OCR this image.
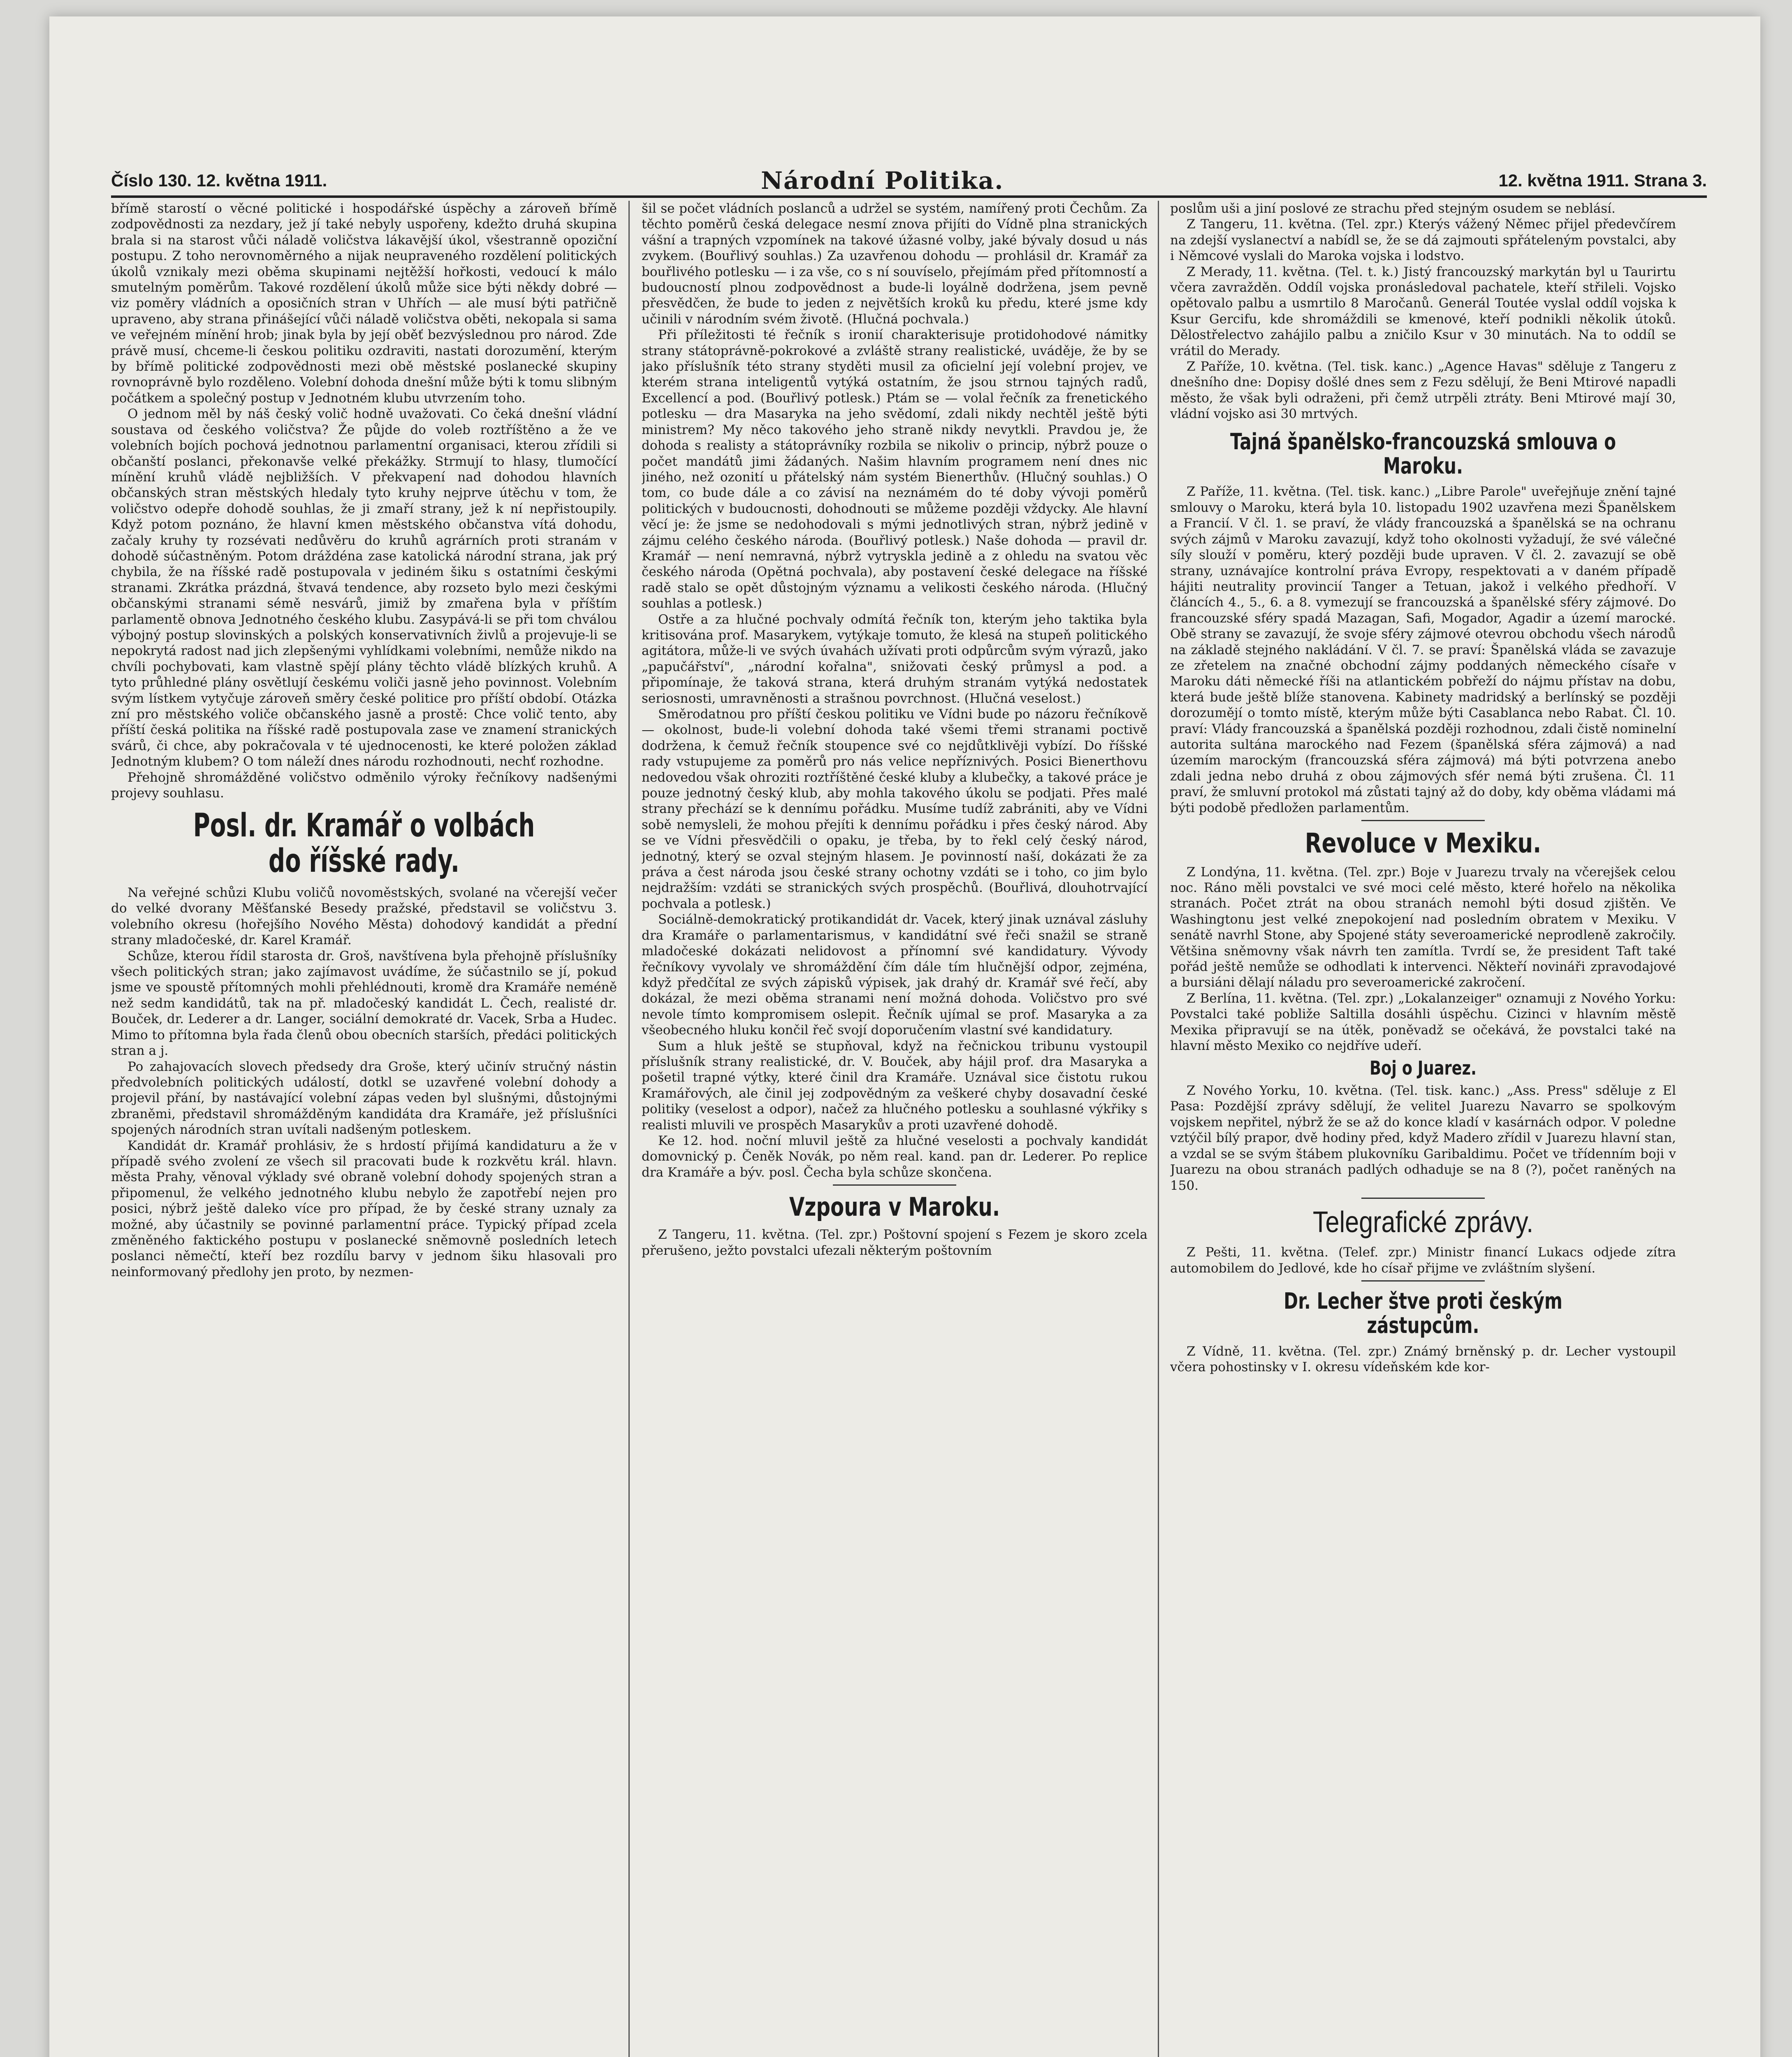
Číslo 130. 12. května 1911.	Národní Politika.	12. května 1911. Strana 3.

břímě starostí o věcné politické i hospodářské úspěchy a zároveň břímě zodpovědnosti za nezdary, jež jí také nebyly uspořeny, kdežto druhá skupina brala si na starost vůči náladě voličstva lákavější úkol, všestranně opoziční postupu. Z toho nerovnoměrného a nijak neupraveného rozdělení politických úkolů vznikaly mezi oběma skupinami nejtěžší hořkosti, vedoucí k málo smutelným poměrům. Takové rozdělení úkolů může sice býti někdy dobré — viz poměry vládních a oposičních stran v Uhřích — ale musí býti patřičně upraveno, aby strana přinášející vůči náladě voličstva oběti, nekopala si sama ve veřejném mínění hrob; jinak byla by její oběť bezvýslednou pro národ. Zde právě musí, chceme-li českou politiku ozdraviti, nastati dorozumění, kterým by břímě politické zodpovědnosti mezi obě městské poslanecké skupiny rovnoprávně bylo rozděleno. Volební dohoda dnešní může býti k tomu slibným počátkem a společný postup v Jednotném klubu utvrzením toho.

O jednom měl by náš český volič hodně uvažovati. Co čeká dnešní vládní soustava od českého voličstva? Že půjde do voleb roztříštěno a že ve volebních bojích pochová jednotnou parlamentní organisaci, kterou zřídili si občanští poslanci, překonavše velké překážky. Strmují to hlasy, tlumočící mínění kruhů vládě nejbližších. V překvapení nad dohodou hlavních občanských stran městských hledaly tyto kruhy nejprve útěchu v tom, že voličstvo odepře dohodě souhlas, že ji zmaří strany, jež k ní nepřistoupily. Když potom poznáno, že hlavní kmen městského občanstva vítá dohodu, začaly kruhy ty rozsévati nedůvěru do kruhů agrárních proti stranám v dohodě súčastněným. Potom dráždéna zase katolická národní strana, jak prý chybila, že na říšské radě postupovala v jediném šiku s ostatními českými stranami. Zkrátka prázdná, štvavá tendence, aby rozseto bylo mezi českými občanskými stranami sémě nesvárů, jimiž by zmařena byla v příštím parlamentě obnova Jednotného českého klubu. Zasypává-li se při tom chválou výbojný postup slovinských a polských konservativních živlů a projevuje-li se nepokrytá radost nad jich zlepšenými vyhlídkami volebními, nemůže nikdo na chvíli pochybovati, kam vlastně spějí plány těchto vládě blízkých kruhů. A tyto průhledné plány osvětlují českému voliči jasně jeho povinnost. Volebním svým lístkem vytyčuje zároveň směry české politice pro příští období. Otázka zní pro městského voliče občanského jasně a prostě: Chce volič tento, aby příští česká politika na říšské radě postupovala zase ve znamení stranických svárů, či chce, aby pokračovala v té ujednocenosti, ke které položen základ Jednotným klubem? O tom náleží dnes národu rozhodnouti, nechť rozhodne.

Přehojně shromážděné voličstvo odměnilo výroky řečníkovy nadšenými projevy souhlasu.

Posl. dr. Kramář o volbách do říšské rady.

Na veřejné schůzi Klubu voličů novoměstských, svolané na včerejší večer do velké dvorany Měšťanské Besedy pražské, představil se voličstvu 3. volebního okresu (hořejšího Nového Města) dohodový kandidát a přední strany mladočeské, dr. Karel Kramář.

Schůze, kterou řídil starosta dr. Groš, navštívena byla přehojně příslušníky všech politických stran; jako zajímavost uvádíme, že súčastnilo se jí, pokud jsme ve spoustě přítomných mohli přehlédnouti, kromě dra Kramáře neméně než sedm kandidátů, tak na př. mladočeský kandidát L. Čech, realisté dr. Bouček, dr. Lederer a dr. Langer, sociální demokraté dr. Vacek, Srba a Hudec. Mimo to přítomna byla řada členů obou obecních starších, předáci politických stran a j.

Po zahajovacích slovech předsedy dra Groše, který učinív stručný nástin předvolebních politických událostí, dotkl se uzavřené volební dohody a projevil přání, by nastávající volební zápas veden byl slušnými, důstojnými zbraněmi, představil shromážděným kandidáta dra Kramáře, jež příslušníci spojených národních stran uvítali nadšeným potleskem.

Kandidát dr. Kramář prohlásiv, že s hrdostí přijímá kandidaturu a že v případě svého zvolení ze všech sil pracovati bude k rozkvětu král. hlavn. města Prahy, věnoval výklady své obraně volební dohody spojených stran a připomenul, že velkého jednotného klubu nebylo že zapotřebí nejen pro posici, nýbrž ještě daleko více pro případ, že by české strany uznaly za možné, aby účastnily se povinné parlamentní práce. Typický případ zcela změněného faktického postupu v poslanecké sněmovně posledních letech poslanci němečtí, kteří bez rozdílu barvy v jednom šiku hlasovali pro neinformovaný předlohy jen proto, by nezmen-

šil se počet vládních poslanců a udržel se systém, namířený proti Čechům. Za těchto poměrů česká delegace nesmí znova přijíti do Vídně plna stranických vášní a trapných vzpomínek na takové úžasné volby, jaké bývaly dosud u nás zvykem. (Bouřlivý souhlas.) Za uzavřenou dohodu — prohlásil dr. Kramář za bouřlivého potlesku — i za vše, co s ní souvíselo, přejímám před přítomností a budoucností plnou zodpovědnost a bude-li loyálně dodržena, jsem pevně přesvědčen, že bude to jeden z největších kroků ku předu, které jsme kdy učinili v národním svém životě. (Hlučná pochvala.)

Při příležitosti té řečník s ironií charakterisuje protidohodové námitky strany státoprávně-pokrokové a zvláště strany realistické, uváděje, že by se jako příslušník této strany styděti musil za oficielní její volební projev, ve kterém strana inteligentů vytýká ostatním, že jsou strnou tajných radů, Excellencí a pod. (Bouřlivý potlesk.) Ptám se — volal řečník za frenetického potlesku — dra Masaryka na jeho svědomí, zdali nikdy nechtěl ještě býti ministrem? My něco takového jeho straně nikdy nevytkli. Pravdou je, že dohoda s realisty a státoprávníky rozbila se nikoliv o princip, nýbrž pouze o počet mandátů jimi žádaných. Našim hlavním programem není dnes nic jiného, než ozonití u přátelský nám systém Bienerthův. (Hlučný souhlas.) O tom, co bude dále a co závisí na neznámém do té doby vývoji poměrů politických v budoucnosti, dohodnouti se můžeme později vždycky. Ale hlavní věcí je: že jsme se nedohodovali s mými jednotlivých stran, nýbrž jedině v zájmu celého českého národa. (Bouřlivý potlesk.) Naše dohoda — pravil dr. Kramář — není nemravná, nýbrž vytryskla jedině a z ohledu na svatou věc českého národa (Opětná pochvala), aby postavení české delegace na říšské radě stalo se opět důstojným významu a velikosti českého národa. (Hlučný souhlas a potlesk.)

Ostře a za hlučné pochvaly odmítá řečník ton, kterým jeho taktika byla kritisována prof. Masarykem, vytýkaje tomuto, že klesá na stupeň politického agitátora, může-li ve svých úvahách užívati proti odpůrcům svým výrazů, jako „papučářství", „národní kořalna", snižovati český průmysl a pod. a připomínaje, že taková strana, která druhým stranám vytýká nedostatek seriosnosti, umravněnosti a strašnou povrchnost. (Hlučná veselost.)

Směrodatnou pro příští českou politiku ve Vídni bude po názoru řečníkově — okolnost, bude-li volební dohoda také všemi třemi stranami poctivě dodržena, k čemuž řečník stoupence své co nejdůtklivěji vybízí. Do říšské rady vstupujeme za poměrů pro nás velice nepříznivých. Posici Bienerthovu nedovedou však ohroziti roztříštěné české kluby a klubečky, a takové práce je pouze jednotný český klub, aby mohla takového úkolu se podjati. Přes malé strany přechází se k dennímu pořádku. Musíme tudíž zabrániti, aby ve Vídni sobě nemysleli, že mohou přejíti k dennímu pořádku i přes český národ. Aby se ve Vídni přesvědčili o opaku, je třeba, by to řekl celý český národ, jednotný, který se ozval stejným hlasem. Je povinností naší, dokázati že za práva a čest národa jsou české strany ochotny vzdáti se i toho, co jim bylo nejdražším: vzdáti se stranických svých prospěchů. (Bouřlivá, dlouhotrvající pochvala a potlesk.)

Sociálně-demokratický protikandidát dr. Vacek, který jinak uznával zásluhy dra Kramáře o parlamentarismus, v kandidátní své řeči snažil se straně mladočeské dokázati nelidovost a přínomní své kandidatury. Vývody řečníkovy vyvolaly ve shromáždění čím dále tím hlučnější odpor, zejména, když předčítal ze svých zápisků výpisek, jak drahý dr. Kramář své řečí, aby dokázal, že mezi oběma stranami není možná dohoda. Voličstvo pro své nevole tímto kompromisem oslepit. Řečník ujímal se prof. Masaryka a za všeobecného hluku končil řeč svojí doporučením vlastní své kandidatury.

Sum a hluk ještě se stupňoval, když na řečnickou tribunu vystoupil příslušník strany realistické, dr. V. Bouček, aby hájil prof. dra Masaryka a pošetil trapné výtky, které činil dra Kramáře. Uznával sice čistotu rukou Kramářových, ale činil jej zodpovědným za veškeré chyby dosavadní české politiky (veselost a odpor), načež za hlučného potlesku a souhlasné výkřiky s realisti mluvili ve prospěch Masarykův a proti uzavřené dohodě.

Ke 12. hod. noční mluvil ještě za hlučné veselosti a pochvaly kandidát domovnický p. Čeněk Novák, po něm real. kand. pan dr. Lederer. Po replice dra Kramáře a býv. posl. Čecha byla schůze skončena.

Vzpoura v Maroku.

Z Tangeru, 11. května. (Tel. zpr.) Poštovní spojení s Fezem je skoro zcela přerušeno, ježto povstalci ufezali některým poštovním

poslům uši a jiní poslové ze strachu před stejným osudem se neblásí.

Z Tangeru, 11. května. (Tel. zpr.) Kterýs vážený Němec přijel předevčírem na zdejší vyslanectví a nabídl se, že se dá zajmouti spřáteleným povstalci, aby i Němcové vyslali do Maroka vojska i lodstvo.

Z Merady, 11. května. (Tel. t. k.) Jistý francouzský markytán byl u Taurirtu včera zavražděn. Oddíl vojska pronásledoval pachatele, kteří střileli. Vojsko opětovalo palbu a usmrtilo 8 Maročanů. Generál Toutée vyslal oddíl vojska k Ksur Gercifu, kde shromáždili se kmenové, kteří podnikli několik útoků. Dělostřelectvo zahájilo palbu a zničilo Ksur v 30 minutách. Na to oddíl se vrátil do Merady.

Z Paříže, 10. května. (Tel. tisk. kanc.) „Agence Havas" sděluje z Tangeru z dnešního dne: Dopisy došlé dnes sem z Fezu sdělují, že Beni Mtirové napadli město, že však byli odraženi, při čemž utrpěli ztráty. Beni Mtirové mají 30, vládní vojsko asi 30 mrtvých.

Tajná španělsko-francouzská smlouva o Maroku.

Z Paříže, 11. května. (Tel. tisk. kanc.) „Libre Parole" uveřejňuje znění tajné smlouvy o Maroku, která byla 10. listopadu 1902 uzavřena mezi Španělskem a Francií. V čl. 1. se praví, že vlády francouzská a španělská se na ochranu svých zájmů v Maroku zavazují, když toho okolnosti vyžadují, že své válečné síly slouží v poměru, který později bude upraven. V čl. 2. zavazují se obě strany, uznávajíce kontrolní práva Evropy, respektovati a v daném případě hájiti neutrality provincií Tanger a Tetuan, jakož i velkého předhoří. V článcích 4., 5., 6. a 8. vymezují se francouzská a španělské sféry zájmové. Do francouzské sféry spadá Mazagan, Safi, Mogador, Agadir a území marocké. Obě strany se zavazují, že svoje sféry zájmové otevrou obchodu všech národů na základě stejného nakládání. V čl. 7. se praví: Španělská vláda se zavazuje ze zřetelem na značné obchodní zájmy poddaných německého císaře v Maroku dáti německé říši na atlantickém pobřeží do nájmu přístav na dobu, která bude ještě blíže stanovena. Kabinety madridský a berlínský se později dorozumějí o tomto místě, kterým může býti Casablanca nebo Rabat. Čl. 10. praví: Vlády francouzská a španělská později rozhodnou, zdali čistě nominelní autorita sultána marockého nad Fezem (španělská sféra zájmová) a nad územím marockým (francouzská sféra zájmová) má býti potvrzena anebo zdali jedna nebo druhá z obou zájmových sfér nemá býti zrušena. Čl. 11 praví, že smluvní protokol má zůstati tajný až do doby, kdy oběma vládami má býti podobě předložen parlamentům.

Revoluce v Mexiku.

Z Londýna, 11. května. (Tel. zpr.) Boje v Juarezu trvaly na včerejšek celou noc. Ráno měli povstalci ve své moci celé město, které hořelo na několika stranách. Počet ztrát na obou stranách nemohl býti dosud zjištěn. Ve Washingtonu jest velké znepokojení nad posledním obratem v Mexiku. V senátě navrhl Stone, aby Spojené státy severoamerické neprodleně zakročily. Většina sněmovny však návrh ten zamítla. Tvrdí se, že president Taft také pořád ještě nemůže se odhodlati k intervenci. Někteří novináři zpravodajové a bursiáni dělají náladu pro severoamerické zakročení.

Z Berlína, 11. května. (Tel. zpr.) „Lokalanzeiger" oznamuji z Nového Yorku: Povstalci také pobliže Saltilla dosáhli úspěchu. Cizinci v hlavním městě Mexika připravují se na útěk, poněvadž se očekává, že povstalci také na hlavní město Mexiko co nejdříve udeří.

Boj o Juarez.

Z Nového Yorku, 10. května. (Tel. tisk. kanc.) „Ass. Press" sděluje z El Pasa: Pozdější zprávy sdělují, že velitel Juarezu Navarro se spolkovým vojskem nepřitel, nýbrž že se až do konce kladí v kasárnách odpor. V poledne vztýčil bílý prapor, dvě hodiny před, když Madero zřídil v Juarezu hlavní stan, a vzdal se se svým štábem plukovníku Garibaldimu. Počet ve třídenním boji v Juarezu na obou stranách padlých odhaduje se na 8 (?), počet raněných na 150.

Telegrafické zprávy.

Z Pešti, 11. května. (Telef. zpr.) Ministr financí Lukacs odjede zítra automobilem do Jedlové, kde ho císař přijme ve zvláštním slyšení.

Dr. Lecher štve proti českým zástupcům.

Z Vídně, 11. května. (Tel. zpr.) Známý brněnský p. dr. Lecher vystoupil včera pohostinsky v I. okresu vídeňském kde kor-
